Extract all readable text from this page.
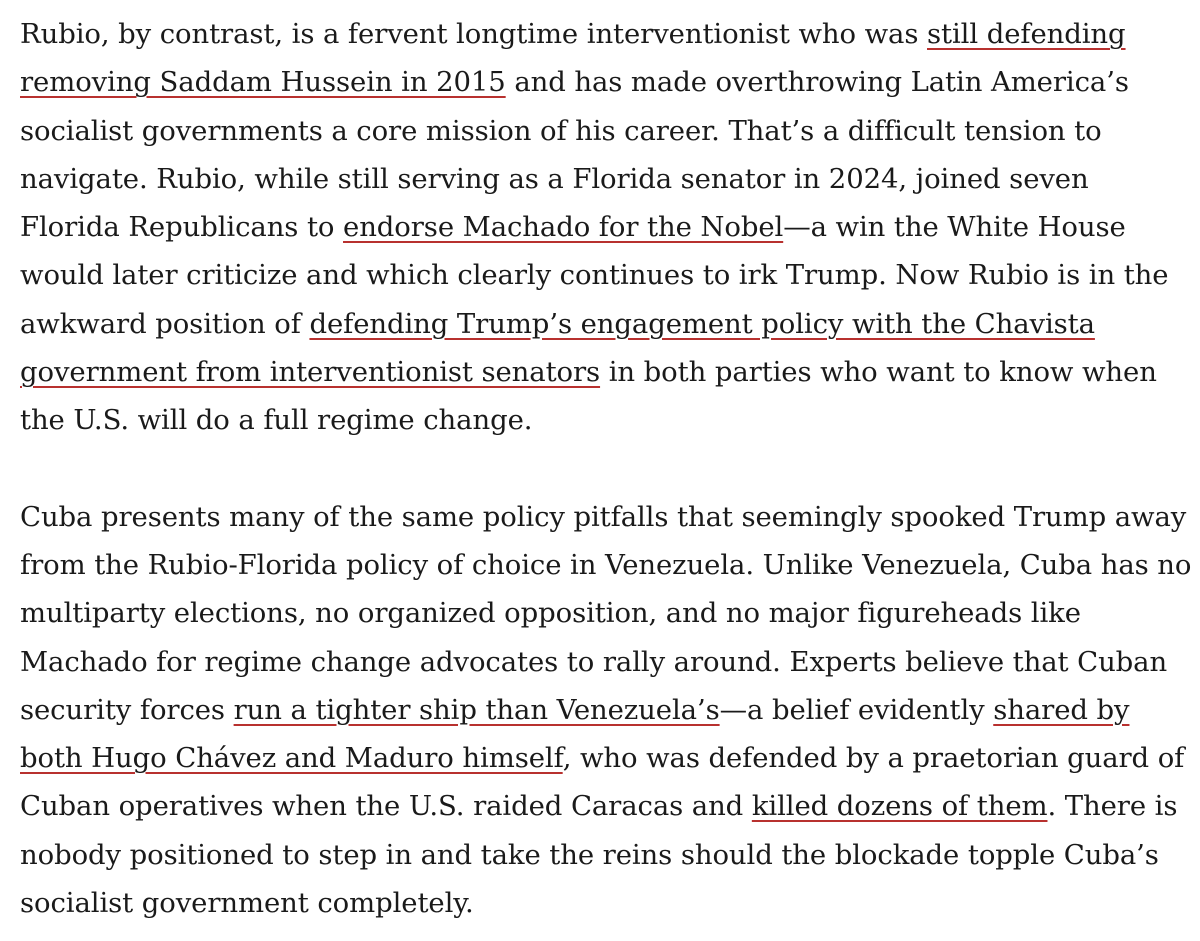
Rubio, by contrast, is a fervent longtime interventionist who was still defending removing Saddam Hussein in 2015 and has made overthrowing Latin America’s socialist governments a core mission of his career. That’s a difficult tension to navigate. Rubio, while still serving as a Florida senator in 2024, joined seven Florida Republicans to endorse Machado for the Nobel—a win the White House would later criticize and which clearly continues to irk Trump. Now Rubio is in the awkward position of defending Trump’s engagement policy with the Chavista government from interventionist senators in both parties who want to know when the U.S. will do a full regime change.

Cuba presents many of the same policy pitfalls that seemingly spooked Trump away from the Rubio-Florida policy of choice in Venezuela. Unlike Venezuela, Cuba has no multiparty elections, no organized opposition, and no major figureheads like Machado for regime change advocates to rally around. Experts believe that Cuban security forces run a tighter ship than Venezuela’s—a belief evidently shared by both Hugo Chávez and Maduro himself, who was defended by a praetorian guard of Cuban operatives when the U.S. raided Caracas and killed dozens of them. There is nobody positioned to step in and take the reins should the blockade topple Cuba’s socialist government completely.
